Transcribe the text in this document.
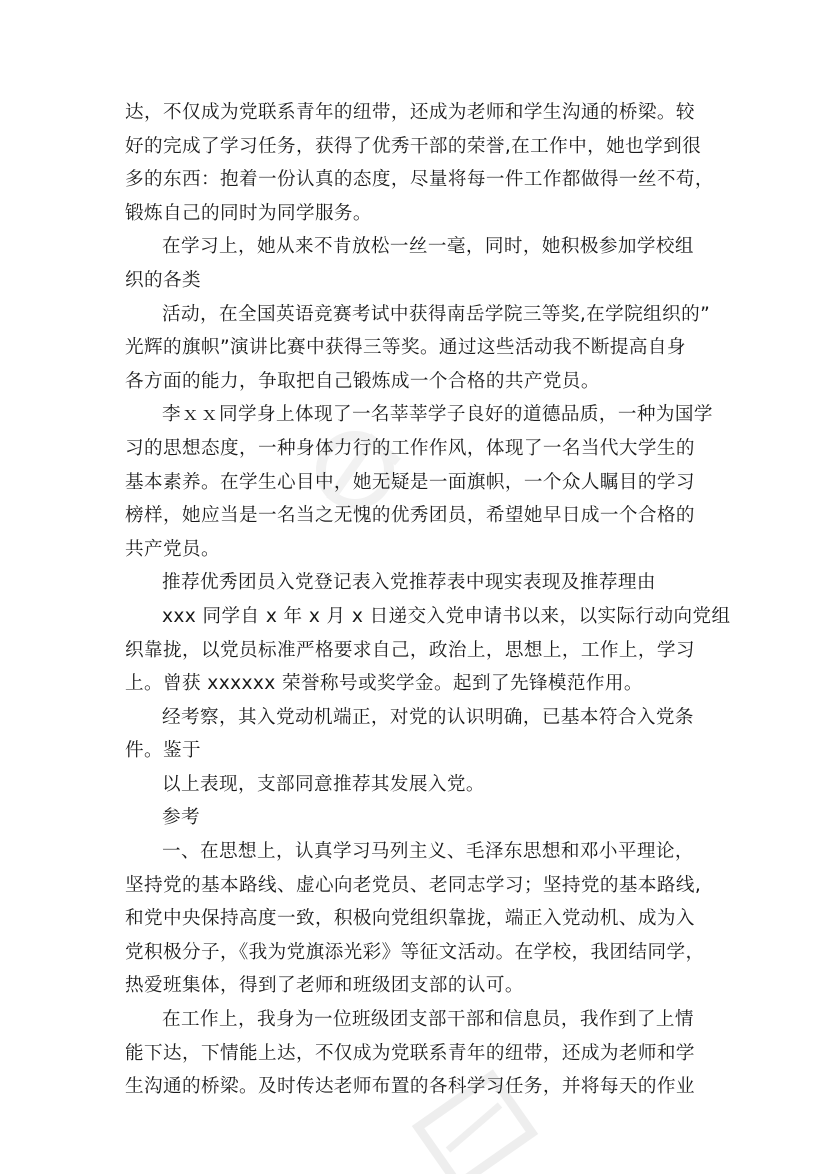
达，不仅成为党联系青年的纽带，还成为老师和学生沟通的桥梁。较
好的完成了学习任务，获得了优秀干部的荣誉,在工作中，她也学到很
多的东西：抱着一份认真的态度，尽量将每一件工作都做得一丝不苟，
锻炼自己的同时为同学服务。
在学习上，她从来不肯放松一丝一毫，同时，她积极参加学校组
织的各类
活动，在全国英语竞赛考试中获得南岳学院三等奖,在学院组织的”
光辉的旗帜”演讲比赛中获得三等奖。通过这些活动我不断提高自身
各方面的能力，争取把自己锻炼成一个合格的共产党员。
李ｘｘ同学身上体现了一名莘莘学子良好的道德品质，一种为国学
习的思想态度，一种身体力行的工作作风，体现了一名当代大学生的
基本素养。在学生心目中，她无疑是一面旗帜，一个众人瞩目的学习
榜样，她应当是一名当之无愧的优秀团员，希望她早日成一个合格的
共产党员。
推荐优秀团员入党登记表入党推荐表中现实表现及推荐理由
xxx 同学自 x 年 x 月 x 日递交入党申请书以来，以实际行动向党组
织靠拢，以党员标准严格要求自己，政治上，思想上，工作上，学习
上。曾获 xxxxxx 荣誉称号或奖学金。起到了先锋模范作用。
经考察，其入党动机端正，对党的认识明确，已基本符合入党条
件。鉴于
以上表现，支部同意推荐其发展入党。
参考
一、在思想上，认真学习马列主义、毛泽东思想和邓小平理论，
坚持党的基本路线、虚心向老党员、老同志学习；坚持党的基本路线,
和党中央保持高度一致，积极向党组织靠拢，端正入党动机、成为入
党积极分子，《我为党旗添光彩》等征文活动。在学校，我团结同学，
热爱班集体，得到了老师和班级团支部的认可。
在工作上，我身为一位班级团支部干部和信息员，我作到了上情
能下达，下情能上达，不仅成为党联系青年的纽带，还成为老师和学
生沟通的桥梁。及时传达老师布置的各科学习任务，并将每天的作业
